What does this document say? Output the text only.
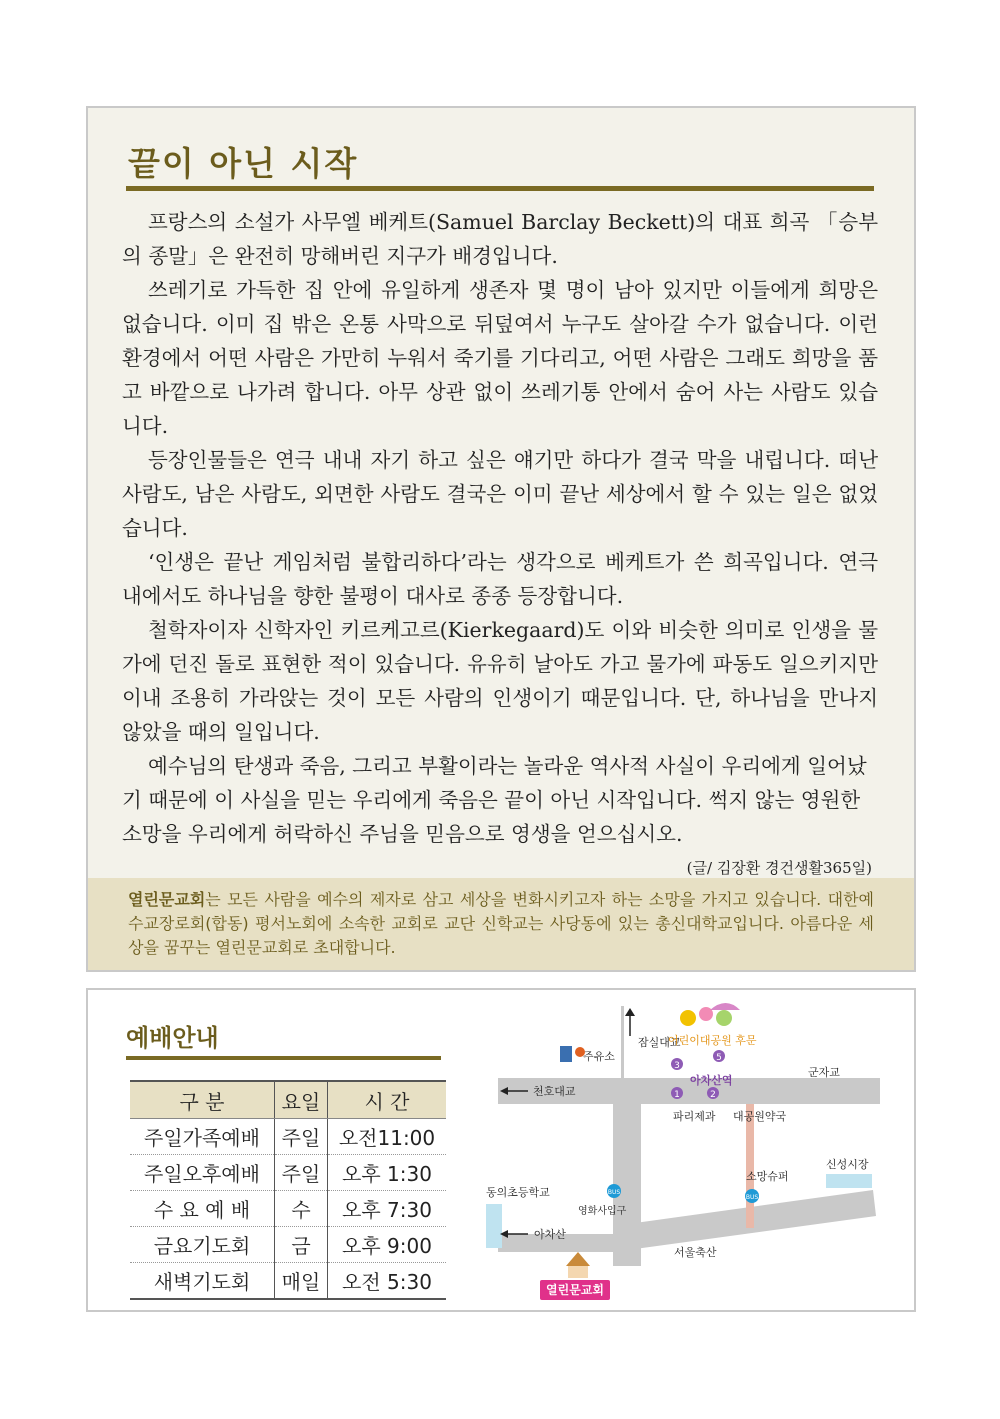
끝이 아닌 시작

프랑스의 소설가 사무엘 베케트(Samuel Barclay Beckett)의 대표 희곡 「승부의 종말」은 완전히 망해버린 지구가 배경입니다.

쓰레기로 가득한 집 안에 유일하게 생존자 몇 명이 남아 있지만 이들에게 희망은 없습니다. 이미 집 밖은 온통 사막으로 뒤덮여서 누구도 살아갈 수가 없습니다. 이런 환경에서 어떤 사람은 가만히 누워서 죽기를 기다리고, 어떤 사람은 그래도 희망을 품고 바깥으로 나가려 합니다. 아무 상관 없이 쓰레기통 안에서 숨어 사는 사람도 있습니다.

등장인물들은 연극 내내 자기 하고 싶은 얘기만 하다가 결국 막을 내립니다. 떠난 사람도, 남은 사람도, 외면한 사람도 결국은 이미 끝난 세상에서 할 수 있는 일은 없었습니다.

‘인생은 끝난 게임처럼 불합리하다’라는 생각으로 베케트가 쓴 희곡입니다. 연극 내에서도 하나님을 향한 불평이 대사로 종종 등장합니다.

철학자이자 신학자인 키르케고르(Kierkegaard)도 이와 비슷한 의미로 인생을 물가에 던진 돌로 표현한 적이 있습니다. 유유히 날아도 가고 물가에 파동도 일으키지만 이내 조용히 가라앉는 것이 모든 사람의 인생이기 때문입니다. 단, 하나님을 만나지 않았을 때의 일입니다.

예수님의 탄생과 죽음, 그리고 부활이라는 놀라운 역사적 사실이 우리에게 일어났기 때문에 이 사실을 믿는 우리에게 죽음은 끝이 아닌 시작입니다. 썩지 않는 영원한 소망을 우리에게 허락하신 주님을 믿음으로 영생을 얻으십시오.
(글/ 김장환 경건생활365일)

열린문교회는 모든 사람을 예수의 제자로 삼고 세상을 변화시키고자 하는 소망을 가지고 있습니다. 대한예수교장로회(합동) 평서노회에 소속한 교회로 교단 신학교는 사당동에 있는 총신대학교입니다. 아름다운 세상을 꿈꾸는 열린문교회로 초대합니다.
예배안내
구 분	요일	시 간
주일가족예배	주일	오전11:00
주일오후예배	주일	오후 1:30
수 요 예 배	수	오후 7:30
금요기도회	금	오후 9:00
새벽기도회	매일	오전 5:30
3
5
1	2
BUS
BUS
열린문교회
잠실대교
어린이대공원 후문
주유소
천호대교
아차산역
군자교
파리제과 대공원약국
신성시장
소망슈퍼
동의초등학교
영화사입구
아차산
서울축산
